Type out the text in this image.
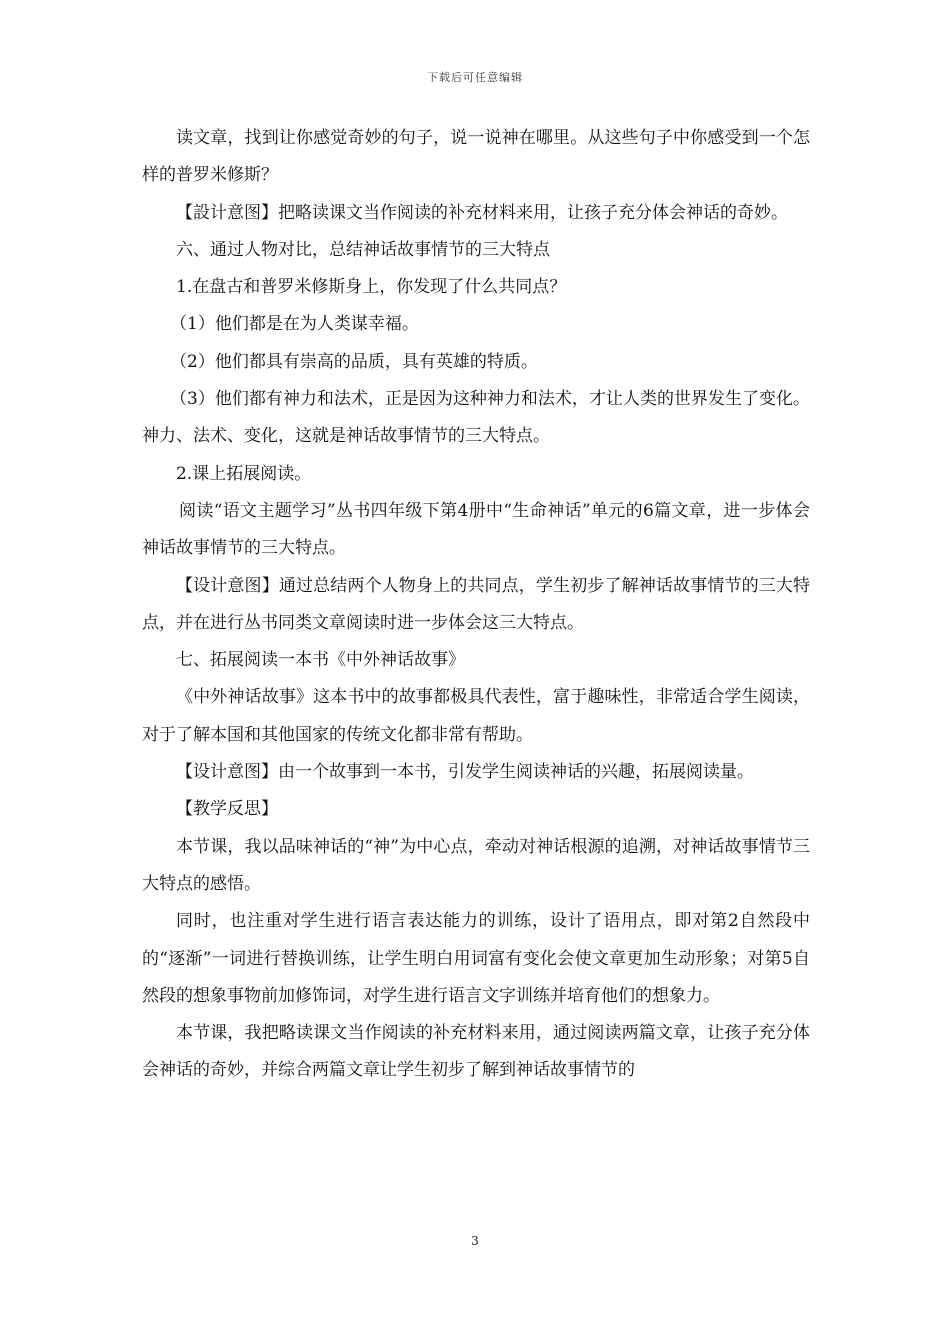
下载后可任意编辑

读文章，找到让你感觉奇妙的句子，说一说神在哪里。从这些句子中你感受到一个怎样的普罗米修斯？

【設计意图】把略读课文当作阅读的补充材料来用，让孩子充分体会神话的奇妙。

六、通过人物对比，总结神话故事情节的三大特点

1.在盘古和普罗米修斯身上，你发现了什么共同点？

（1）他们都是在为人类谋幸福。

（2）他们都具有崇高的品质，具有英雄的特质。

（3）他们都有神力和法术，正是因为这种神力和法术，才让人类的世界发生了变化。神力、法术、变化，这就是神话故事情节的三大特点。

2.课上拓展阅读。

阅读“语文主题学习”丛书四年级下第4册中“生命神话”单元的6篇文章，进一步体会神话故事情节的三大特点。

【设计意图】通过总结两个人物身上的共同点，学生初步了解神话故事情节的三大特点，并在进行丛书同类文章阅读时进一步体会这三大特点。

七、拓展阅读一本书《中外神话故事》

《中外神话故事》这本书中的故事都极具代表性，富于趣味性，非常适合学生阅读，对于了解本国和其他国家的传统文化都非常有帮助。

【设计意图】由一个故事到一本书，引发学生阅读神话的兴趣，拓展阅读量。

【教学反思】

本节课，我以品味神话的“神”为中心点，牵动对神话根源的追溯，对神话故事情节三大特点的感悟。

同时，也注重对学生进行语言表达能力的训练，设计了语用点，即对第2自然段中的“逐渐”一词进行替换训练，让学生明白用词富有变化会使文章更加生动形象；对第5自然段的想象事物前加修饰词，对学生进行语言文字训练并培育他们的想象力。

本节课，我把略读课文当作阅读的补充材料来用，通过阅读两篇文章，让孩子充分体会神话的奇妙，并综合两篇文章让学生初步了解到神话故事情节的

3
